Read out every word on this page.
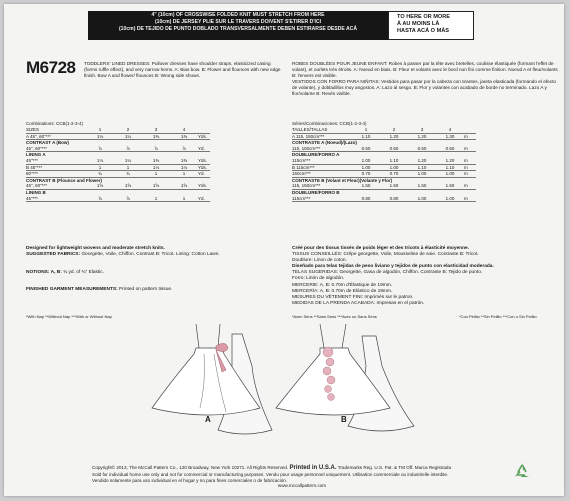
4" (10cm) OF CROSSWISE FOLDED KNIT MUST STRETCH FROM HERE
(10cm) DE JERSEY PLIE SUR LE TRAVERS DOIVENT S'ETIRER D'ICI
(10cm) DE TEJIDO DE PUNTO DOBLADO TRANSVERSALMENTE DEBEN ESTIRARSE DESDE ACÁ
TO HERE OR MORE
À AU MOINS LÀ
HASTA ACÁ O MÁS
M6728 TODDLERS' LINED DRESSES: Pullover dresses have shoulder straps, elasticized casing (forms ruffle effect), and very narrow hems. A: Bias bow. B: Flower and flounces with new edge finish. Bow A and flower/ flounces B: Wrong side shows.
ROBES DOUBLÉES POUR JEUNE ENFANT: Robes à passer par la tête avec bretelles, coulisse élastiquée (formant l'effet de volant), et ourlets très étroits. A: Noeud en biais. B: Fleur et volants avec le bord non fini comme finition. Noeud A et fleur/volants B: l'envers est visible.
VESTIDOS CON FORRO PARA NIÑITAS: Vestidos para pasar por la cabeza con tirantes, jareta elasticada (formando el efecto de volante), y dobladillos muy angostos. A: Lazo al sesgo. B: Flor y volantes con acabado de borde no terminado. Lazo A y flor/volante B: Revés visible.
Combinations: CCB(1-2-3-4)
SIZES	1	2	3	4	
A 45", 60"***	1⅛	1¼	1⅜	1⅜	Yds.
CONTRAST A (Bow)					
45", 60"***	⅞	⅞	⅞	⅞	Yd.
LINING A					
45"***	1⅛	1¼	1⅜	1⅜	Yds.
B 45"***	1	1	1⅛	1⅛	Yds.
60"***	¾	¾	1	1	Yd.
CONTRAST B (Flounce and Flower)					
45", 60"***	1⅝	1⅝	1⅝	1⅝	Yds.
LINING B					
45"***	⅞	⅞	1	1	Yd.
Séries/Combinaciones: CCB(1-2-3-4)
TAILLES/TALLAS	1	2	3	4	
A 115, 150cm***	1.10	1.20	1.20	1.30	m
CONTRASTE A (Noeud)/(Lazo)					
115, 150cm***	0.50	0.50	0.50	0.50	m
DOUBLURE/FORRO A					
115cm***	1.00	1.10	1.20	1.20	m
B 115cm***	1.00	1.00	1.10	1.10	m
150cm***	0.70	0.70	1.00	1.00	m
CONTRASTE B (Volant et Fleur)(Volante y Flor)					
115, 150cm***	1.50	1.50	1.50	1.50	m
DOUBLURE/FORRO B					
115cm***	0.80	0.80	1.00	1.00	m
Designed for lightweight wovens and moderate stretch knits.
SUGGESTED FABRICS: Georgette, Voile, Chiffon. Contrast B: Tricot. Lining: Cotton Lawn.
NOTIONS: A, B: ¾ yd. of ¾" Elastic.
FINISHED GARMENT MEASUREMENTS: Printed on pattern tissue.
Créé pour des tissus tissés de poids léger et des tricots à élasticité moyenne.
TISSUS CONSEILLÉS: Crêpe georgette, Voile, Mousseline de soie. Contraste B: Tricot.
Doublure: Linon de coton.
Diseñado para telas tejidas de peso liviano y tejidos de punto con elasticidad moderada.
TELAS SUGERIDAS: Georgette, Gasa de algodón, Chiffon. Contraste B: Tejido de punto.
Forro: Linón de algodón.
MERCERIE: A, B: 0.70m d'Élastique de 19mm.
MERCERÍA: A, B: 0.70m de Elástico de 19mm.
MESURES DU VÊTEMENT FINI: Imprimés sur le patron.
MEDIDAS DE LA PRENDA ACABADA: Impresas en el patrón.
*With Nap **Without Nap ***With or Without Nap	*Avec Sens **Sans Sens ***Avec ou Sans Sens	*Con Pelillo **Sin Pelillo ***Con o Sin Pelillo
A	B
Copyright© 2013, The McCall Pattern Co., 120 Broadway, New York 10271. All Rights Reserved. Printed in U.S.A. Trademarks Reg. U.S. Pat. & TM Off. Marca Registrada
Sold for individual home use only and not for commercial or manufacturing purposes. Vendu pour usage personnel uniquement. Utilisation commerciale ou industrielle interdite.
Vendido solamente para uso individual en el hogar y no para fines comerciales o de fabricación.
www.mccallpattern.com
